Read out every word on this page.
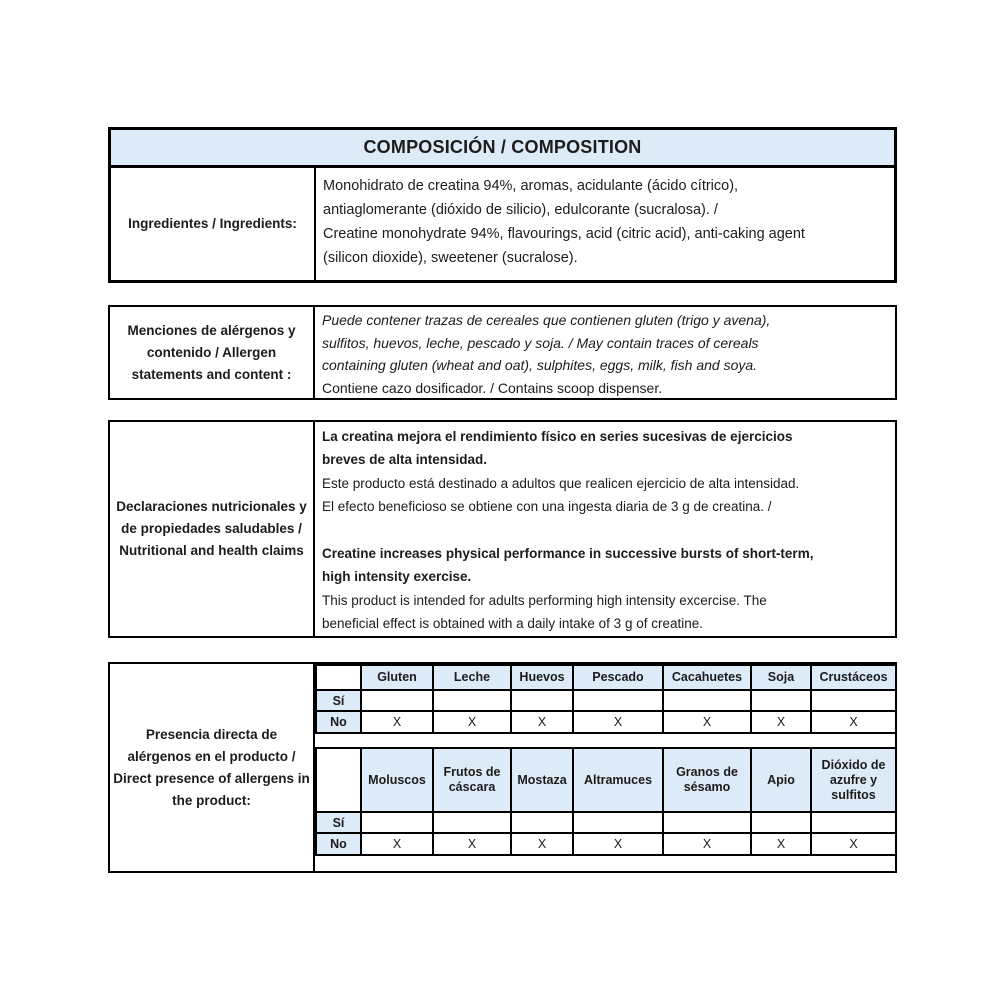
COMPOSICIÓN / COMPOSITION
Ingredientes / Ingredients:
Monohidrato de creatina 94%, aromas, acidulante (ácido cítrico),
antiaglomerante (dióxido de silicio), edulcorante (sucralosa). /
Creatine monohydrate 94%, flavourings, acid (citric acid), anti-caking agent
(silicon dioxide), sweetener (sucralose).
Menciones de alérgenos y contenido / Allergen statements and content :
Puede contener trazas de cereales que contienen gluten (trigo y avena),
sulfitos, huevos, leche, pescado y soja. / May contain traces of cereals
containing gluten (wheat and oat), sulphites, eggs, milk, fish and soya.
Contiene cazo dosificador. / Contains scoop dispenser.
Declaraciones nutricionales y de propiedades saludables / Nutritional and health claims
La creatina mejora el rendimiento físico en series sucesivas de ejercicios
breves de alta intensidad.
Este producto está destinado a adultos que realicen ejercicio de alta intensidad.
El efecto beneficioso se obtiene con una ingesta diaria de 3 g de creatina. /
Creatine increases physical performance in successive bursts of short-term,
high intensity exercise.
This product is intended for adults performing high intensity excercise. The
beneficial effect is obtained with a daily intake of 3 g of creatine.
Presencia directa de alérgenos en el producto / Direct presence of allergens in the product:
	Gluten	Leche	Huevos	Pescado	Cacahuetes	Soja	Crustáceos
Sí							
No	X	X	X	X	X	X	X

	Moluscos	Frutos de cáscara	Mostaza	Altramuces	Granos de sésamo	Apio	Dióxido de azufre y sulfitos
Sí							
No	X	X	X	X	X	X	X
